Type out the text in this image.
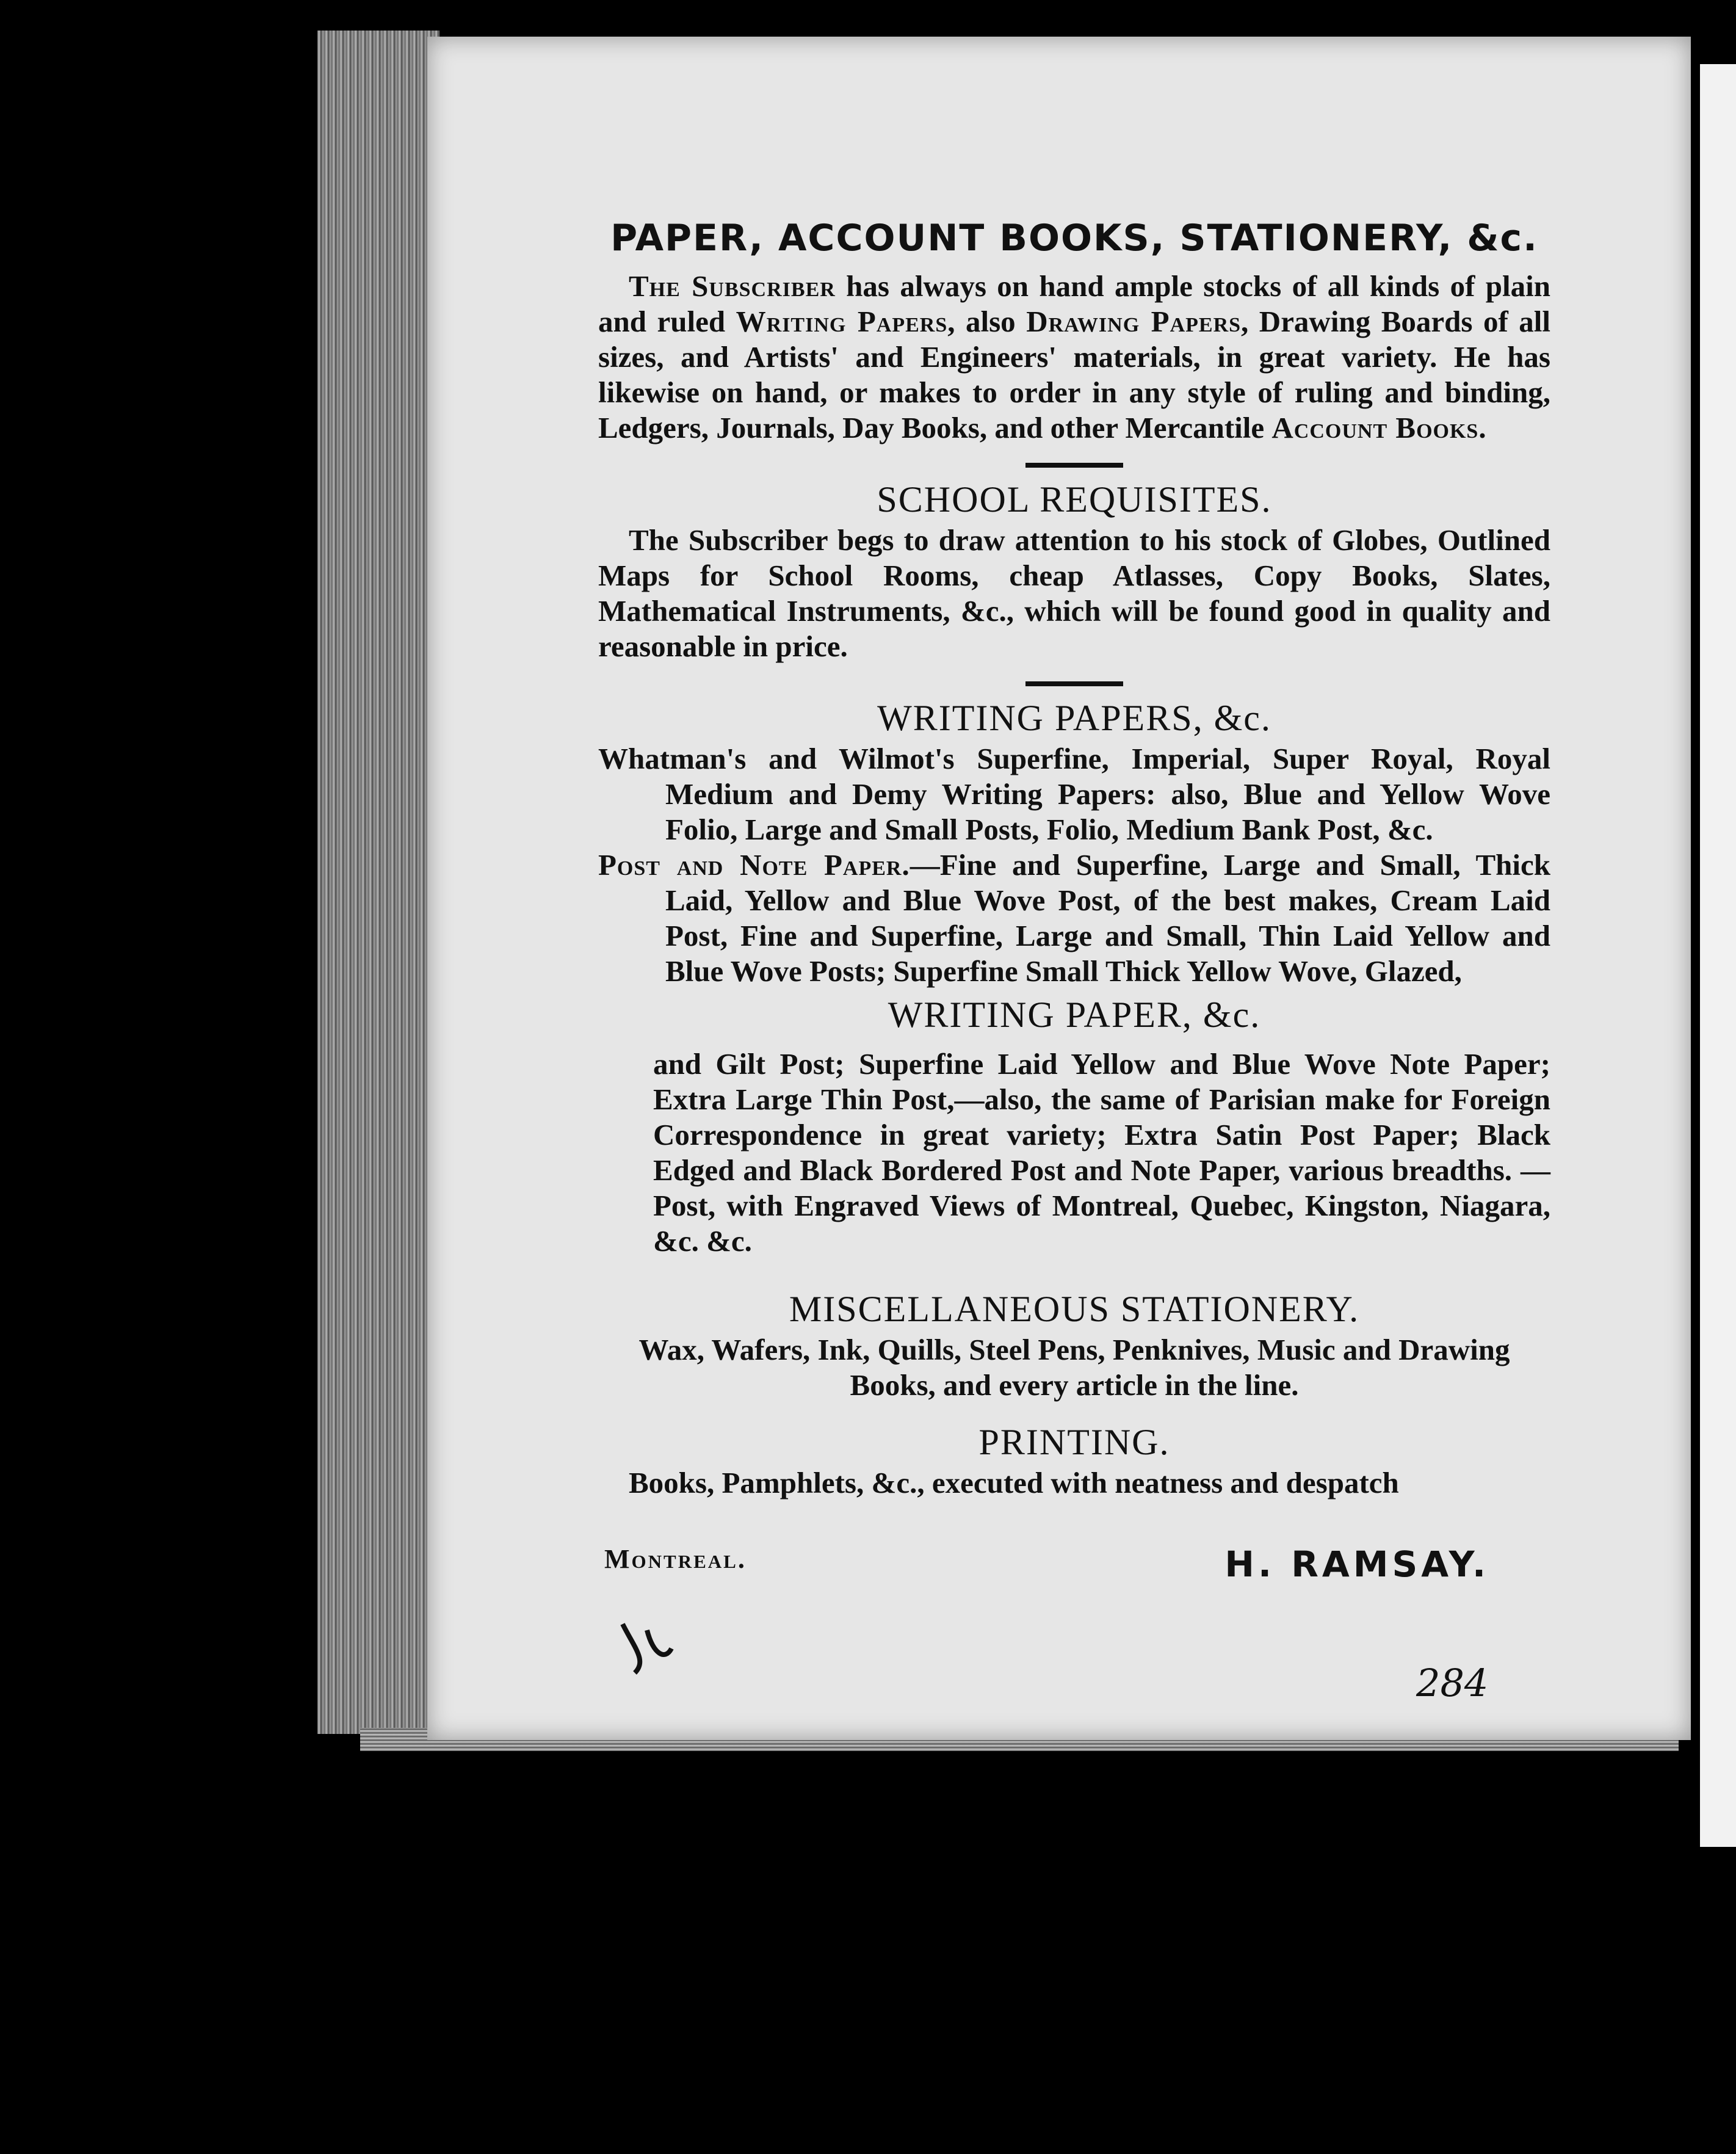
PAPER, ACCOUNT BOOKS, STATIONERY, &c.

The Subscriber has always on hand ample stocks of all kinds of plain and ruled Writing Papers, also Drawing Papers, Drawing Boards of all sizes, and Artists' and Engineers' materials, in great variety. He has likewise on hand, or makes to order in any style of ruling and binding, Ledgers, Journals, Day Books, and other Mercantile Account Books.

SCHOOL REQUISITES.

The Subscriber begs to draw attention to his stock of Globes, Outlined Maps for School Rooms, cheap Atlasses, Copy Books, Slates, Mathematical Instruments, &c., which will be found good in quality and reasonable in price.

WRITING PAPERS, &c.

Whatman's and Wilmot's Superfine, Imperial, Super Royal, Royal Medium and Demy Writing Papers: also, Blue and Yellow Wove Folio, Large and Small Posts, Folio, Medium Bank Post, &c.

Post and Note Paper.—Fine and Superfine, Large and Small, Thick Laid, Yellow and Blue Wove Post, of the best makes, Cream Laid Post, Fine and Superfine, Large and Small, Thin Laid Yellow and Blue Wove Posts; Superfine Small Thick Yellow Wove, Glazed,

WRITING PAPER, &c.

and Gilt Post; Superfine Laid Yellow and Blue Wove Note Paper; Extra Large Thin Post,—also, the same of Parisian make for Foreign Correspondence in great variety; Extra Satin Post Paper; Black Edged and Black Bordered Post and Note Paper, various breadths. —Post, with Engraved Views of Montreal, Quebec, Kingston, Niagara, &c. &c.

MISCELLANEOUS STATIONERY.

Wax, Wafers, Ink, Quills, Steel Pens, Penknives, Music and Drawing Books, and every article in the line.

PRINTING.

Books, Pamphlets, &c., executed with neatness and despatch

Montreal.	H. RAMSAY.
284
